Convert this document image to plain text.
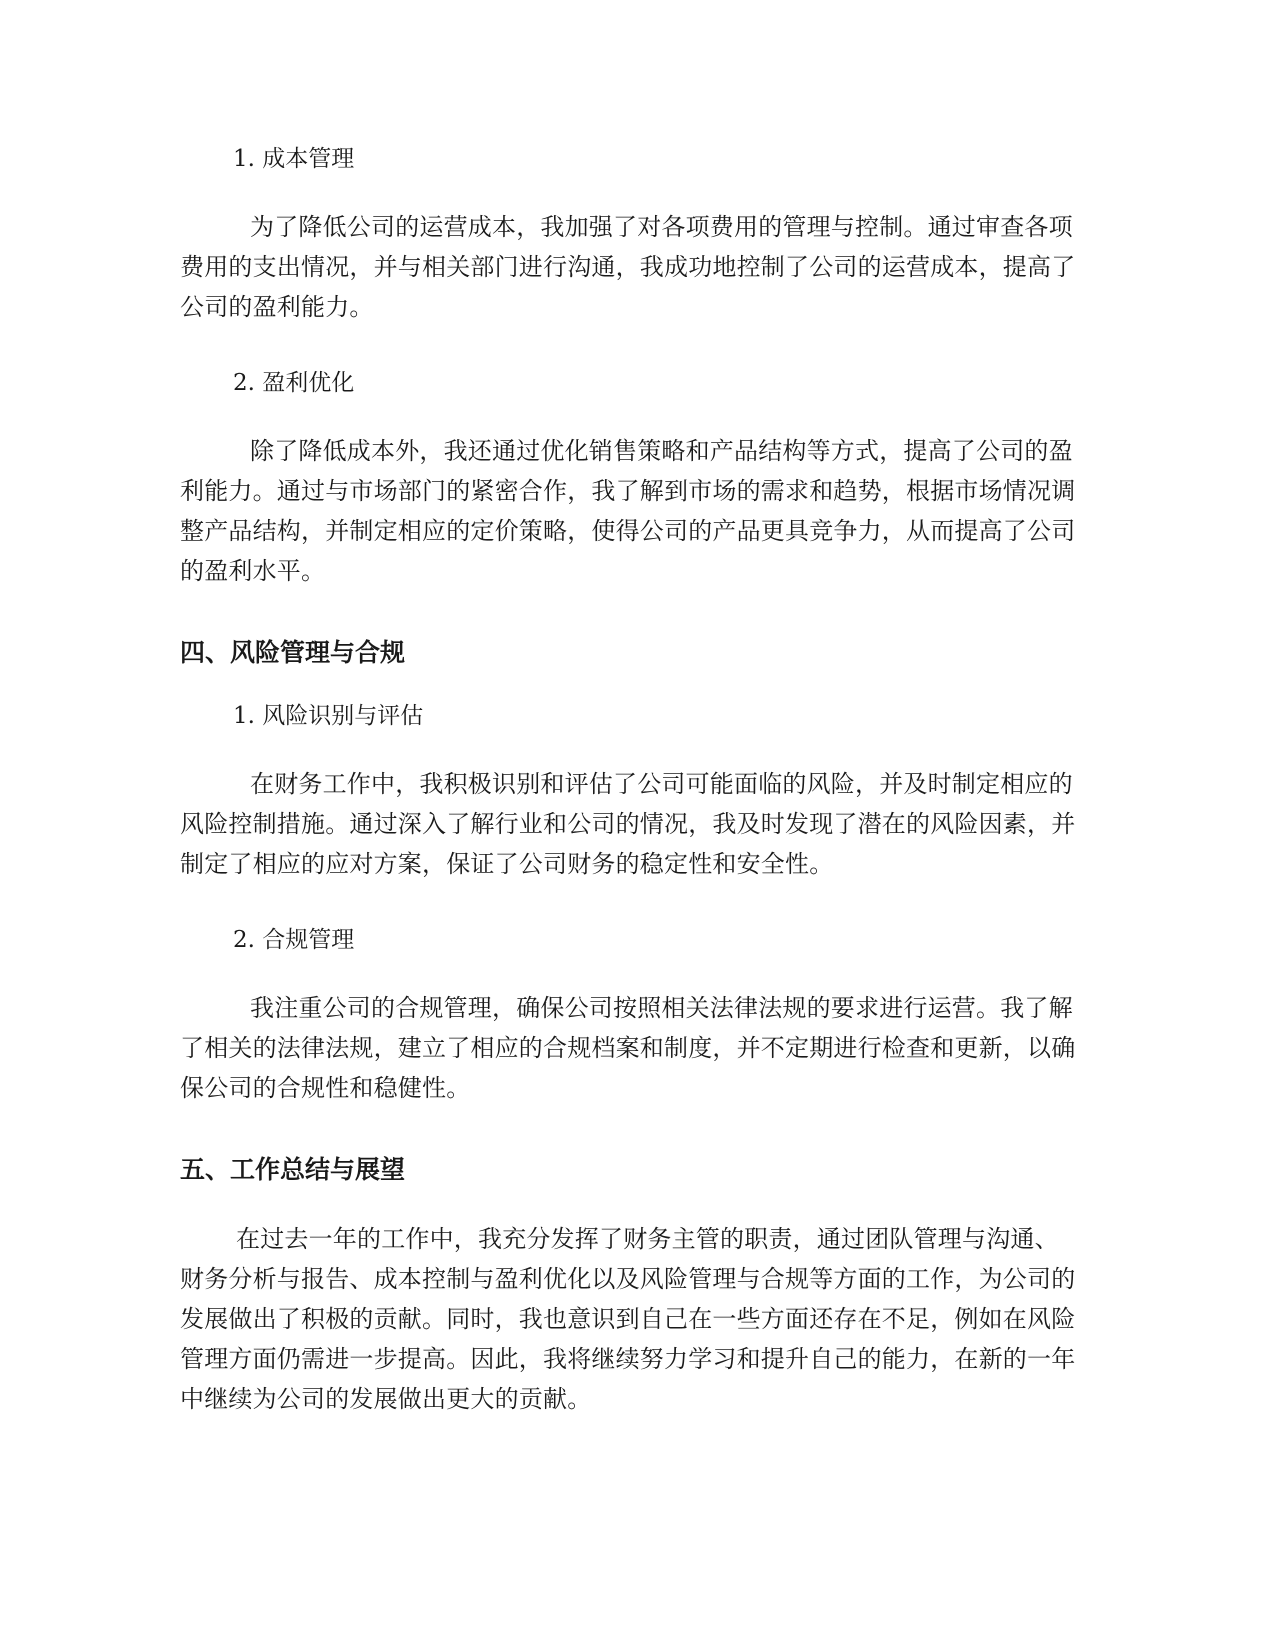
1. 成本管理

为了降低公司的运营成本，我加强了对各项费用的管理与控制。通过审查各项费用的支出情况，并与相关部门进行沟通，我成功地控制了公司的运营成本，提高了公司的盈利能力。

2. 盈利优化

除了降低成本外，我还通过优化销售策略和产品结构等方式，提高了公司的盈利能力。通过与市场部门的紧密合作，我了解到市场的需求和趋势，根据市场情况调整产品结构，并制定相应的定价策略，使得公司的产品更具竞争力，从而提高了公司的盈利水平。

四、风险管理与合规

1. 风险识别与评估

在财务工作中，我积极识别和评估了公司可能面临的风险，并及时制定相应的风险控制措施。通过深入了解行业和公司的情况，我及时发现了潜在的风险因素，并制定了相应的应对方案，保证了公司财务的稳定性和安全性。

2. 合规管理

我注重公司的合规管理，确保公司按照相关法律法规的要求进行运营。我了解了相关的法律法规，建立了相应的合规档案和制度，并不定期进行检查和更新，以确保公司的合规性和稳健性。

五、工作总结与展望

在过去一年的工作中，我充分发挥了财务主管的职责，通过团队管理与沟通、财务分析与报告、成本控制与盈利优化以及风险管理与合规等方面的工作，为公司的发展做出了积极的贡献。同时，我也意识到自己在一些方面还存在不足，例如在风险管理方面仍需进一步提高。因此，我将继续努力学习和提升自己的能力，在新的一年中继续为公司的发展做出更大的贡献。
